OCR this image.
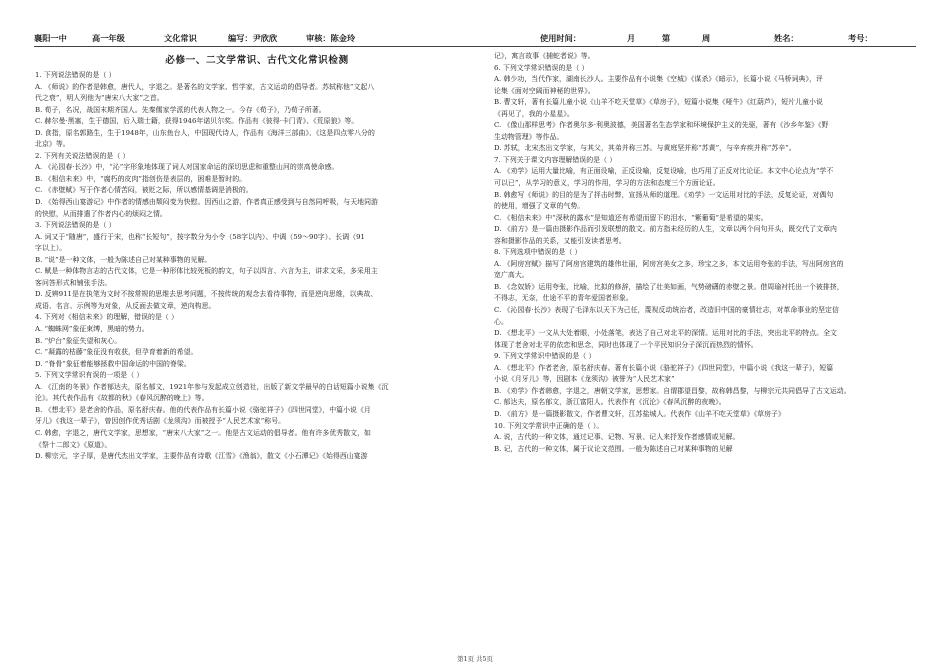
襄阳一中	高一年级	文化常识	编写：尹欣欣	审核：陈金玲	使用时间：	月	第	周	姓名：	考号：
必修一、二文学常识、古代文化常识检测
1. 下列说法错误的是（ ）
A. 《师说》的作者是韩愈，唐代人，字退之。是著名的文学家、哲学家，古文运动的倡导者。苏轼称他“文起八
代之衰”，明人列他为“唐宋八大家”之首。
B. 荀子，名况，战国末期齐国人。先秦儒家学派的代表人物之一。今存《荀子》，乃荀子所著。
C. 赫尔曼·黑塞，生于德国，后入瑞士籍，获得1946年诺贝尔奖。作品有《彼得·卡门青》、《荒原狼》等。
D. 食指，原名郭路生，生于1948年，山东鱼台人，中国现代诗人，作品有《海洋三部曲》、《这是四点零八分的
北京》等。
2. 下列有关说法错误的是（ ）
A. 《沁园春·长沙》中，“沁”字形象地体现了词人对国家命运的深切思虑和重整山河的崇高使命感。
B. 《相信未来》中，“腐朽的皮肉”指创伤是表层的，困难是暂时的。
C. 《赤壁赋》写于作者心情苦闷，被贬之际，所以感情基调是消极的。
D. 《始得西山宴游记》中作者的情感由颓闷变为快慰。因西山之游，作者真正感受到与自然同呼吸，与天地同游
的快慰，从而排遣了作者内心的烦闷之情。
3. 下列说法错误的是（ ）
A. 词又于“随唐”，盛行于宋，也称“长短句”，按字数分为小令（58字以内）、中调（59～90字）、长调（91
字以上）。
B. “说”是一种文体，一般为陈述自己对某种事物的见解。
C. 赋是一种体物言志的古代文体，它是一种形体比较死板的韵文，句子以四言、六言为主，讲求文采，多采用主
客问答形式和铺张手法。
D. 反辨911是在执笔为文时不按常规的思维去思考问题，不按传统的观念去看待事物，而是逆向思维，以典故、
成语、名言、示例等为对象，从反面去做文章，逆向构思。
4. 下列对《相信未来》的理解，错误的是（ ）
A. “蜘蛛网”象征束缚，黑暗的势力。
B. “炉台”象征失望和灰心。
C. “凝露的枯藤”象征没有收获，但孕育着新的希望。
D. “脊骨”象征着能够拯救中国命运的中国的脊梁。
5. 下列文学常识有误的一项是（ ）
A. 《江南的冬景》作者郁达夫，原名郁文，1921年参与发起成立创造社，出版了新文学最早的白话短篇小说集《沉
沦》。其代表作品有《故都的秋》《春风沉醉的晚上》等。
B. 《想北平》是老舍的作品，原名舒庆春。他的代表作品有长篇小说《骆驼祥子》《四世同堂》，中篇小说《月
牙儿》《我这一辈子》，曾因创作优秀话剧《龙须沟》而被授予“人民艺术家”称号。
C. 韩愈，字退之，唐代文学家，思想家，“唐宋八大家”之一。他是古文运动的倡导者。他有许多优秀散文，如
《祭十二郎文》《原道》。
D. 柳宗元，字子厚，是唐代杰出文学家，主要作品有诗歌《江雪》《渔翁》，散文《小石潭记》《始得西山宴游
记》，寓言故事《捕蛇者说》等。
6. 下列文学常识错误的是（ ）
A. 韩少功，当代作家，湖南长沙人。主要作品有小说集《空城》《谋杀》《暗示》，长篇小说《马桥词典》，评
论集《面对空阔而神秘的世界》。
B. 曹文轩，著有长篇儿童小说《山羊不吃天堂草》《草房子》，短篇小说集《哑牛》《红葫芦》，短片儿童小说
《再见了，我的小星星》。
C. 《像山那样思考》作者奥尔多·利奥波德，美国著名生态学家和环境保护主义的先驱，著有《沙乡年鉴》《野
生动物管理》等作品。
D. 苏轼，北宋杰出文学家，与其父，其弟并称三苏。与黄庭坚并称“苏黄”，与辛弃疾并称“苏辛”。
7. 下列关于课文内容理解错误的是（ ）
A. 《劝学》运用大量比喻，有正面设喻，正反设喻，反复设喻，也巧用了正反对比论证。本文中心论点为“学不
可以已”，从学习的意义，学习的作用，学习的方法和态度三个方面论证。
B. 韩愈写《师说》的目的是为了抨击时弊，宣扬从师的道理。《劝学》一文运用对比的手法，反复论证，对偶句
的使用，增强了文章的气势。
C. 《相信未来》中“深秋的露水”是知道还有希望而留下的泪水，“紫葡萄”是希望的果实。
D. 《前方》是一篇由摄影作品而引发联想的散文。前方指未经历的人生，文章以两个问句开头，既交代了文章内
容和摄影作品的关系，又能引发读者思考。
8. 下列选项中错误的是（ ）
A. 《阿房宫赋》描写了阿房宫建筑的雄伟壮丽，阿房宫美女之多，珍宝之多，本文运用夸张的手法，写出阿房宫的
宽广高大。
B. 《念奴娇》运用夸张，比喻，比拟的修辞，描绘了壮美如画，气势磅礴的赤壁之景。借周瑜衬托出一个被排挤，
不得志，无奈，仕途不平的青年爱国者形象。
C. 《沁园春·长沙》表现了毛泽东以天下为己任，蔑视反动统治者，改造旧中国的豪情壮志，对革命事业的坚定信
心。
D. 《想北平》一文从大处着眼，小处落笔，表达了自己对北平的深情。运用对比的手法，突出北平的特点。全文
体现了老舍对北平的依恋和思念，同时也体现了一个平民知识分子深沉而热烈的情怀。
9. 下列文学常识中错误的是（ ）
A. 《想北平》作者老舍，原名舒庆春。著有长篇小说《骆驼祥子》《四世同堂》，中篇小说《我这一辈子》，短篇
小说《月牙儿》等，因剧本《龙须沟》被誉为“人民艺术家”
B. 《劝学》作者韩愈，字退之，唐朝文学家，思想家。自谓郡望昌黎，故称韩昌黎，与柳宗元共同倡导了古文运动。
C. 郁达夫，原名郁文，浙江富阳人。代表作有《沉沦》《春风沉醉的夜晚》。
D. 《前方》是一篇摄影散文，作者曹文轩，江苏盐城人。代表作《山羊不吃天堂草》《草房子》
10. 下列文学常识中正确的是（ ）。
A. 说，古代的一种文体，通过记事、记物、写景、记人来抒发作者感情或见解。
B. 记，古代的一种文体，属于议论文范围。一般为陈述自己对某种事物的见解
第1页 共5页
